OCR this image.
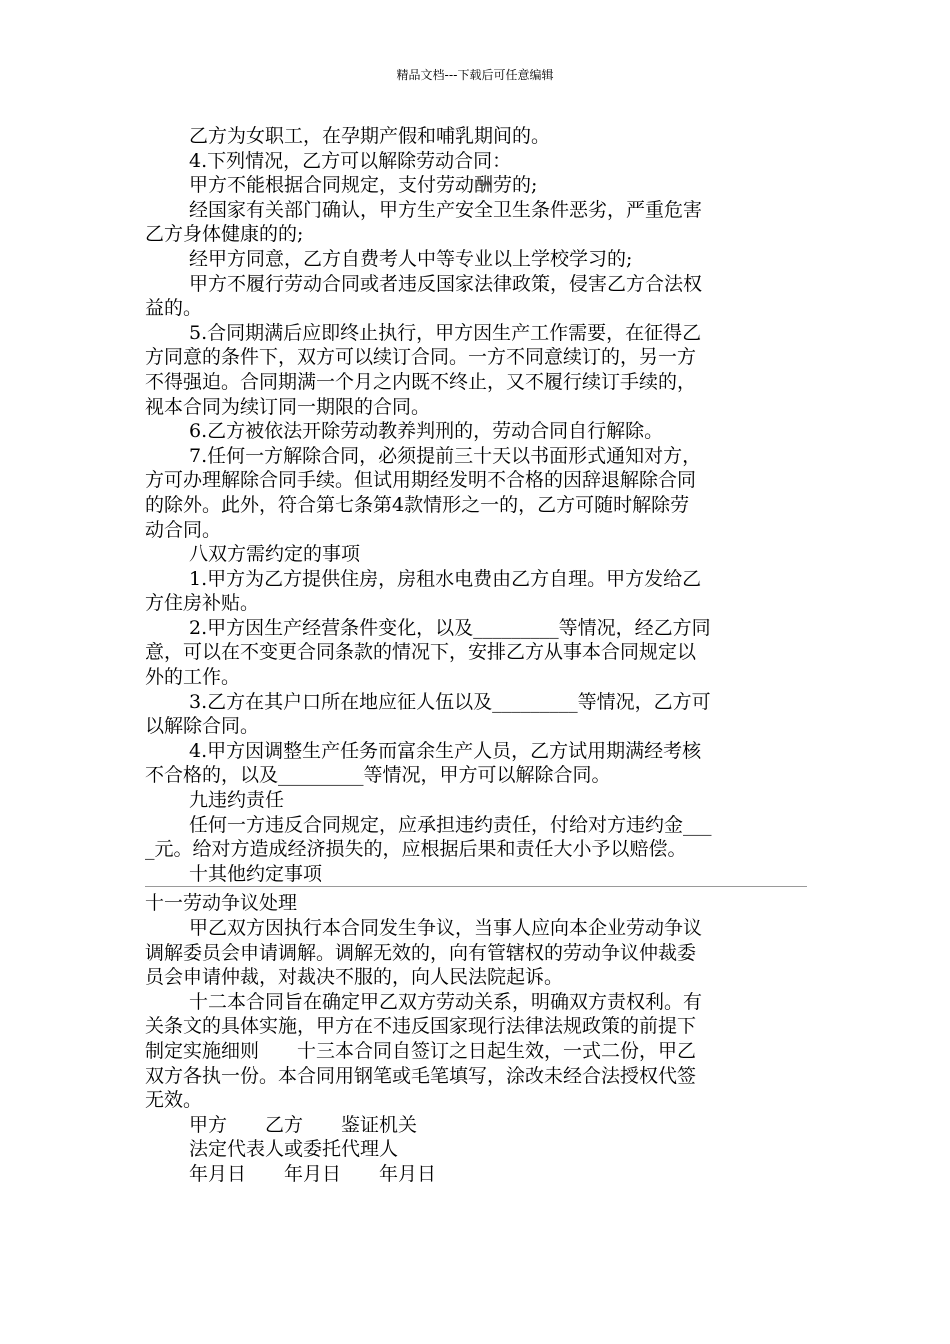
精品文档---下载后可任意编辑

乙方为女职工，在孕期产假和哺乳期间的。

4.下列情况，乙方可以解除劳动合同：

甲方不能根据合同规定，支付劳动酬劳的;

经国家有关部门确认，甲方生产安全卫生条件恶劣，严重危害

乙方身体健康的的;

经甲方同意，乙方自费考人中等专业以上学校学习的;

甲方不履行劳动合同或者违反国家法律政策，侵害乙方合法权

益的。

5.合同期满后应即终止执行，甲方因生产工作需要，在征得乙

方同意的条件下，双方可以续订合同。一方不同意续订的，另一方

不得强迫。合同期满一个月之内既不终止，又不履行续订手续的，

视本合同为续订同一期限的合同。

6.乙方被依法开除劳动教养判刑的，劳动合同自行解除。

7.任何一方解除合同，必须提前三十天以书面形式通知对方，

方可办理解除合同手续。但试用期经发明不合格的因辞退解除合同

的除外。此外，符合第七条第4款情形之一的，乙方可随时解除劳

动合同。

八双方需约定的事项

1.甲方为乙方提供住房，房租水电费由乙方自理。甲方发给乙

方住房补贴。

2.甲方因生产经营条件变化，以及_________等情况，经乙方同

意，可以在不变更合同条款的情况下，安排乙方从事本合同规定以

外的工作。

3.乙方在其户口所在地应征人伍以及_________等情况，乙方可

以解除合同。

4.甲方因调整生产任务而富余生产人员，乙方试用期满经考核

不合格的，以及_________等情况，甲方可以解除合同。

九违约责任

任何一方违反合同规定，应承担违约责任，付给对方违约金___

_元。给对方造成经济损失的，应根据后果和责任大小予以赔偿。

十其他约定事项

十一劳动争议处理

甲乙双方因执行本合同发生争议，当事人应向本企业劳动争议

调解委员会申请调解。调解无效的，向有管辖权的劳动争议仲裁委

员会申请仲裁，对裁决不服的，向人民法院起诉。

十二本合同旨在确定甲乙双方劳动关系，明确双方责权利。有

关条文的具体实施，甲方在不违反国家现行法律法规政策的前提下

制定实施细则　　十三本合同自签订之日起生效，一式二份，甲乙

双方各执一份。本合同用钢笔或毛笔填写，涂改未经合法授权代签

无效。

甲方　　乙方　　鉴证机关

法定代表人或委托代理人

年月日　　年月日　　年月日
